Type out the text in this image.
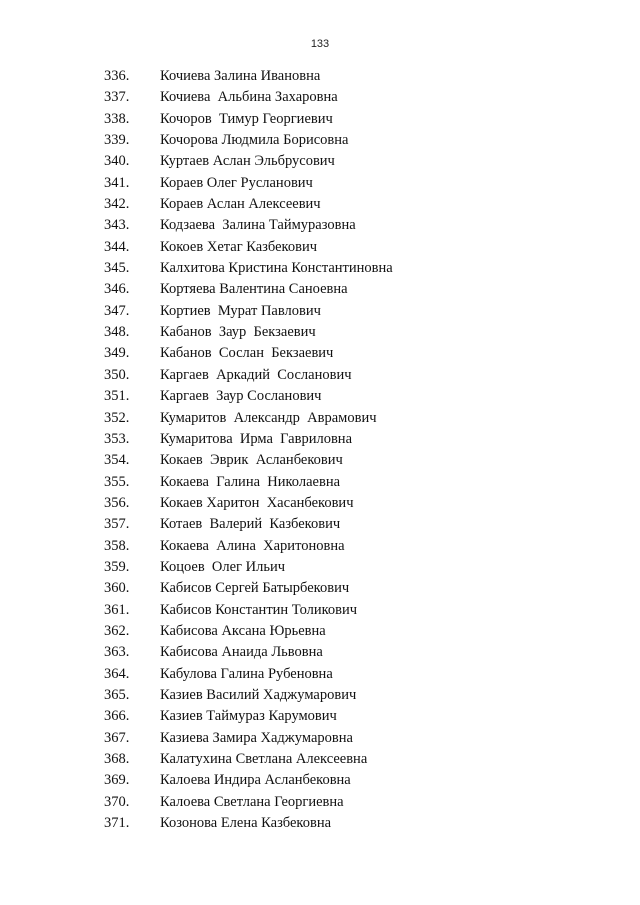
133
336.	Кочиева Залина Ивановна
337.	Кочиева  Альбина Захаровна
338.	Кочоров  Тимур Георгиевич
339.	Кочорова Людмила Борисовна
340.	Куртаев Аслан Эльбрусович
341.	Кораев Олег Русланович
342.	Кораев Аслан Алексеевич
343.	Кодзаева  Залина Таймуразовна
344.	Кокоев Хетаг Казбекович
345.	Калхитова Кристина Константиновна
346.	Кортяева Валентина Саноевна
347.	Кортиев  Мурат Павлович
348.	Кабанов  Заур  Бекзаевич
349.	Кабанов  Сослан  Бекзаевич
350.	Каргаев  Аркадий  Сосланович
351.	Каргаев  Заур Сосланович
352.	Кумаритов  Александр  Аврамович
353.	Кумаритова  Ирма  Гавриловна
354.	Кокаев  Эврик  Асланбекович
355.	Кокаева  Галина  Николаевна
356.	Кокаев Харитон  Хасанбекович
357.	Котаев  Валерий  Казбекович
358.	Кокаева  Алина  Харитоновна
359.	Коцоев  Олег Ильич
360.	Кабисов Сергей Батырбекович
361.	Кабисов Константин Толикович
362.	Кабисова Аксана Юрьевна
363.	Кабисова Анаида Львовна
364.	Кабулова Галина Рубеновна
365.	Казиев Василий Хаджумарович
366.	Казиев Таймураз Карумович
367.	Казиева Замира Хаджумаровна
368.	Калатухина Светлана Алексеевна
369.	Калоева Индира Асланбековна
370.	Калоева Светлана Георгиевна
371.	Козонова Елена Казбековна
